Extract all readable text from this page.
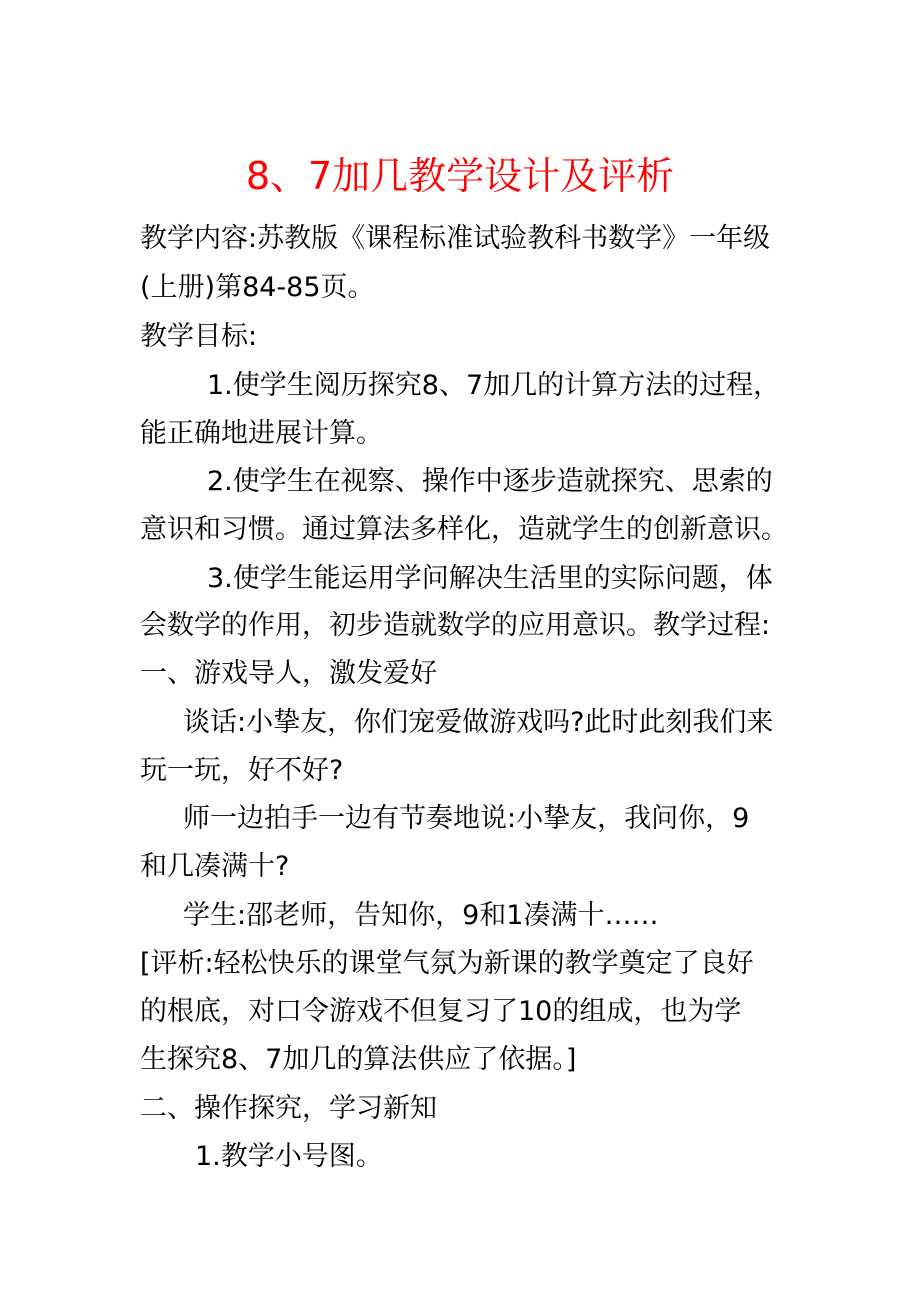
8、7加几教学设计及评析
教学内容:苏教版《课程标准试验教科书数学》一年级
(上册)第84-85页。
教学目标:
1.使学生阅历探究8、7加几的计算方法的过程，
能正确地进展计算。
2.使学生在视察、操作中逐步造就探究、思索的
意识和习惯。通过算法多样化，造就学生的创新意识。
3.使学生能运用学问解决生活里的实际问题，体
会数学的作用，初步造就数学的应用意识。教学过程:
一、游戏导人，激发爱好
谈话:小挚友，你们宠爱做游戏吗?此时此刻我们来
玩一玩，好不好?
师一边拍手一边有节奏地说:小挚友，我问你，9
和几凑满十?
学生:邵老师，告知你，9和1凑满十……
[评析:轻松快乐的课堂气氛为新课的教学奠定了良好
的根底，对口令游戏不但复习了10的组成，也为学
生探究8、7加几的算法供应了依据。]
二、操作探究，学习新知
1.教学小号图。
